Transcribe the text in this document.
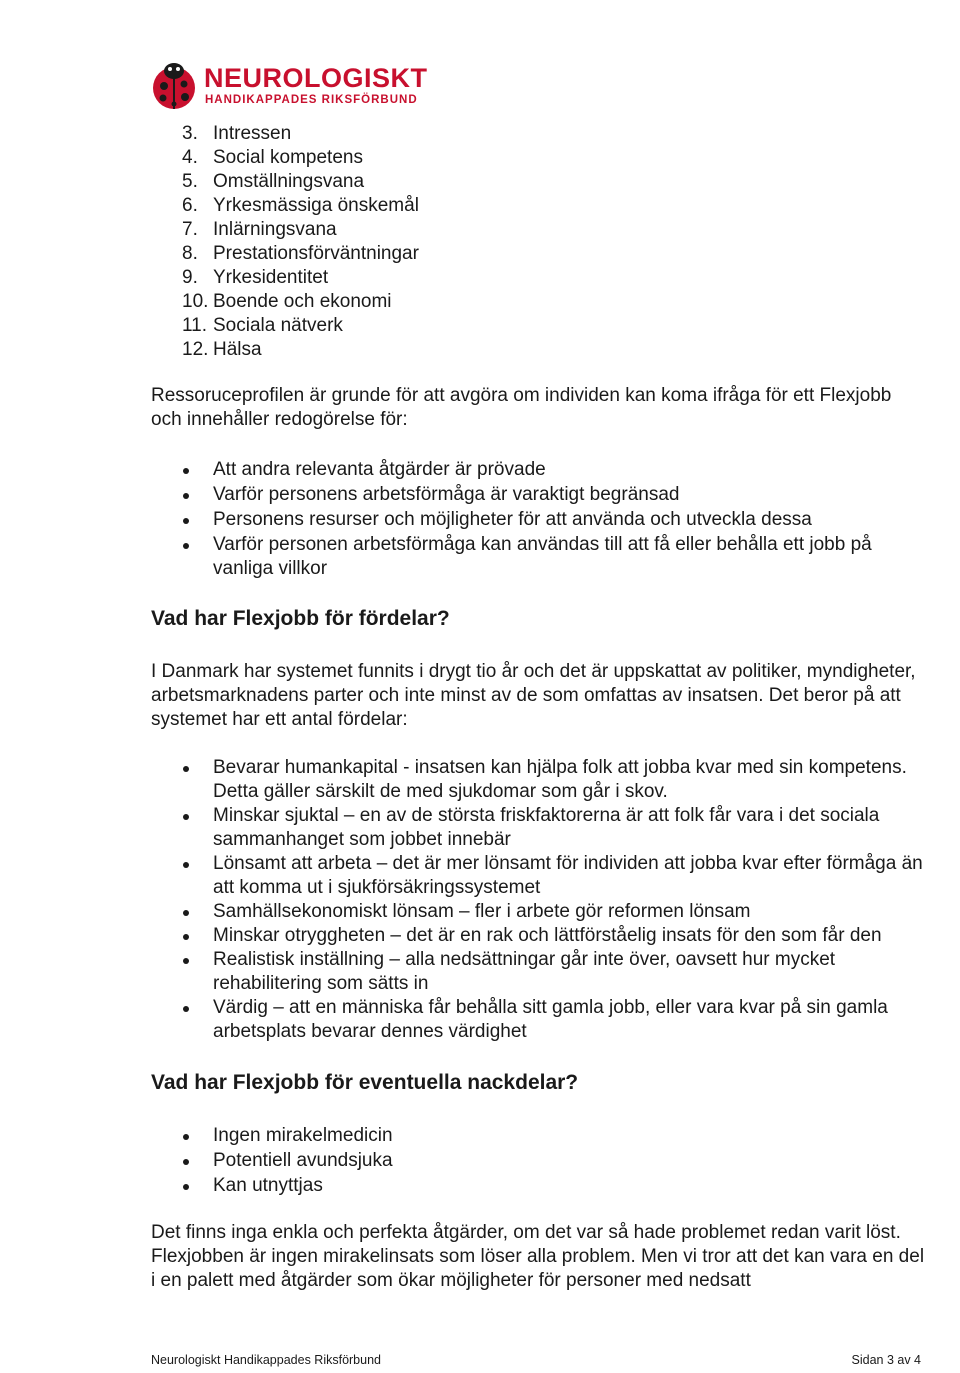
NEUROLOGISKT
HANDIKAPPADES RIKSFÖRBUND
3. Intressen
4. Social kompetens
5. Omställningsvana
6. Yrkesmässiga önskemål
7. Inlärningsvana
8. Prestationsförväntningar
9. Yrkesidentitet
10. Boende och ekonomi
11. Sociala nätverk
12. Hälsa

Ressoruceprofilen är grunde för att avgöra om individen kan koma ifråga för ett Flexjobb och innehåller redogörelse för:

Att andra relevanta åtgärder är prövade
Varför personens arbetsförmåga är varaktigt begränsad
Personens resurser och möjligheter för att använda och utveckla dessa
Varför personen arbetsförmåga kan användas till att få eller behålla ett jobb på vanliga villkor
Vad har Flexjobb för fördelar?

I Danmark har systemet funnits i drygt tio år och det är uppskattat av politiker, myndigheter, arbetsmarknadens parter och inte minst av de som omfattas av insatsen. Det beror på att systemet har ett antal fördelar:

Bevarar humankapital - insatsen kan hjälpa folk att jobba kvar med sin kompetens. Detta gäller särskilt de med sjukdomar som går i skov.
Minskar sjuktal – en av de största friskfaktorerna är att folk får vara i det sociala sammanhanget som jobbet innebär
Lönsamt att arbeta – det är mer lönsamt för individen att jobba kvar efter förmåga än att komma ut i sjukförsäkringssystemet
Samhällsekonomiskt lönsam – fler i arbete gör reformen lönsam
Minskar otryggheten – det är en rak och lättförståelig insats för den som får den
Realistisk inställning – alla nedsättningar går inte över, oavsett hur mycket rehabilitering som sätts in
Värdig – att en människa får behålla sitt gamla jobb, eller vara kvar på sin gamla arbetsplats bevarar dennes värdighet
Vad har Flexjobb för eventuella nackdelar?
Ingen mirakelmedicin
Potentiell avundsjuka
Kan utnyttjas

Det finns inga enkla och perfekta åtgärder, om det var så hade problemet redan varit löst. Flexjobben är ingen mirakelinsats som löser alla problem. Men vi tror att det kan vara en del i en palett med åtgärder som ökar möjligheter för personer med nedsatt

Neurologiskt Handikappades Riksförbund	Sidan 3 av 4
